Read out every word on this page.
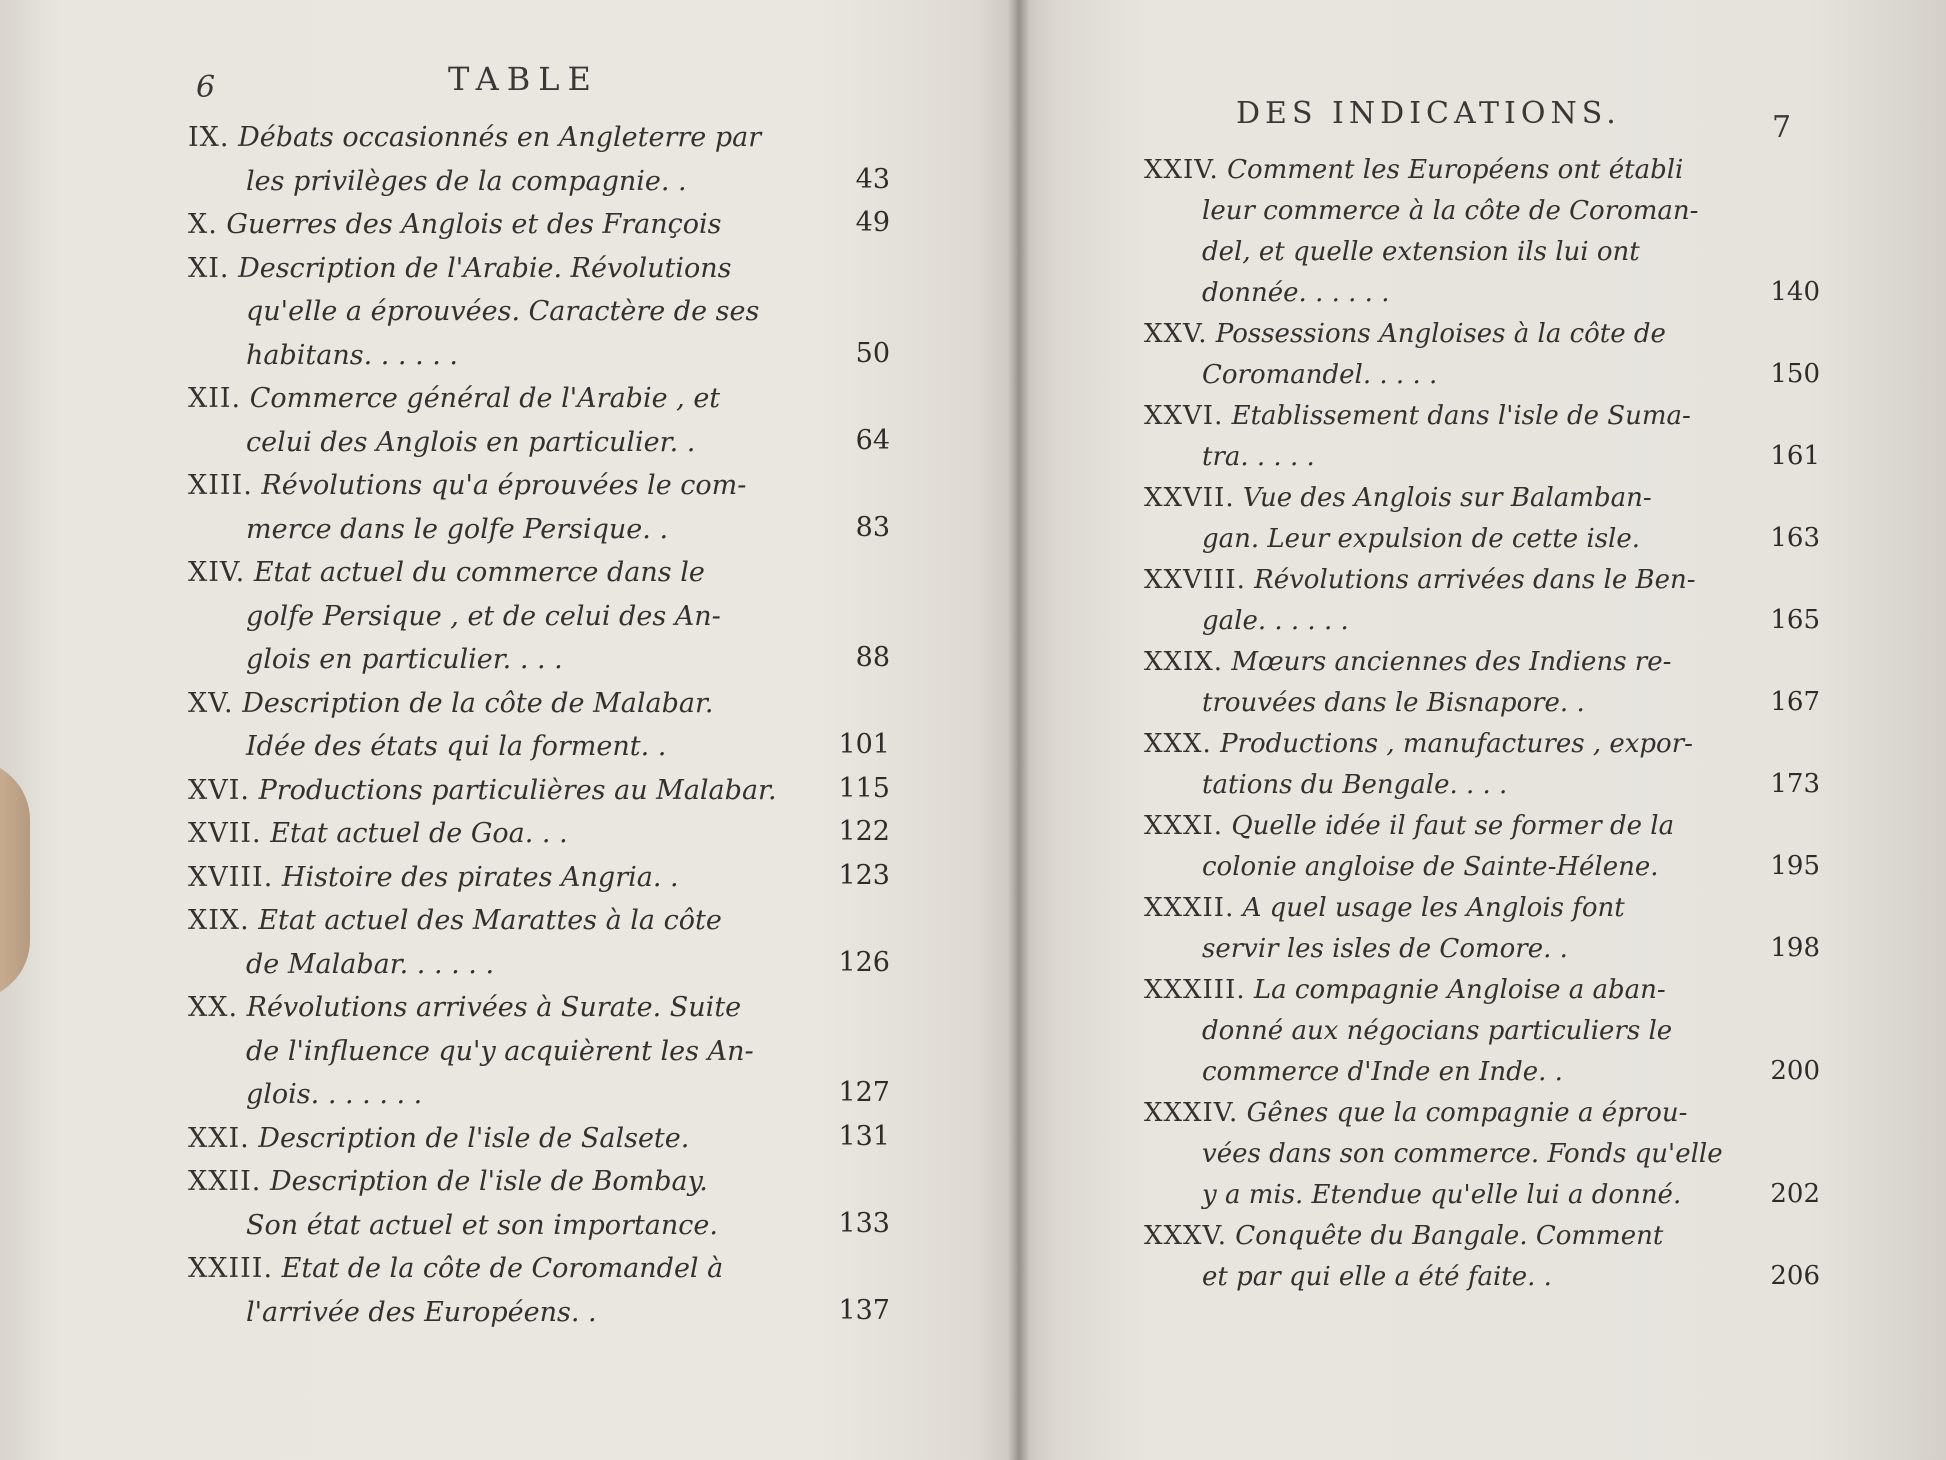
6	TABLE
IX. Débats occasionnés en Angleterre par
les privilèges de la compagnie. .	43
X. Guerres des Anglois et des François	49
XI. Description de l'Arabie. Révolutions
qu'elle a éprouvées. Caractère de ses
habitans. . . . . .	50
XII. Commerce général de l'Arabie , et
celui des Anglois en particulier. .	64
XIII. Révolutions qu'a éprouvées le com-
merce dans le golfe Persique. .	83
XIV. Etat actuel du commerce dans le
golfe Persique , et de celui des An-
glois en particulier. . . .	88
XV. Description de la côte de Malabar.
Idée des états qui la forment. .	101
XVI. Productions particulières au Malabar.	115
XVII. Etat actuel de Goa. . .	122
XVIII. Histoire des pirates Angria. .	123
XIX. Etat actuel des Marattes à la côte
de Malabar. . . . . .	126
XX. Révolutions arrivées à Surate. Suite
de l'influence qu'y acquièrent les An-
glois. . . . . . .	127
XXI. Description de l'isle de Salsete.	131
XXII. Description de l'isle de Bombay.
Son état actuel et son importance.	133
XXIII. Etat de la côte de Coromandel à
l'arrivée des Européens. .	137
DES INDICATIONS.	7
XXIV. Comment les Européens ont établi
leur commerce à la côte de Coroman-
del, et quelle extension ils lui ont
donnée. . . . . .	140
XXV. Possessions Angloises à la côte de
Coromandel. . . . .	150
XXVI. Etablissement dans l'isle de Suma-
tra. . . . .	161
XXVII. Vue des Anglois sur Balamban-
gan. Leur expulsion de cette isle.	163
XXVIII. Révolutions arrivées dans le Ben-
gale. . . . . .	165
XXIX. Mœurs anciennes des Indiens re-
trouvées dans le Bisnapore. .	167
XXX. Productions , manufactures , expor-
tations du Bengale. . . .	173
XXXI. Quelle idée il faut se former de la
colonie angloise de Sainte-Hélene.	195
XXXII. A quel usage les Anglois font
servir les isles de Comore. .	198
XXXIII. La compagnie Angloise a aban-
donné aux négocians particuliers le
commerce d'Inde en Inde. .	200
XXXIV. Gênes que la compagnie a éprou-
vées dans son commerce. Fonds qu'elle
y a mis. Etendue qu'elle lui a donné.	202
XXXV. Conquête du Bangale. Comment
et par qui elle a été faite. .	206
